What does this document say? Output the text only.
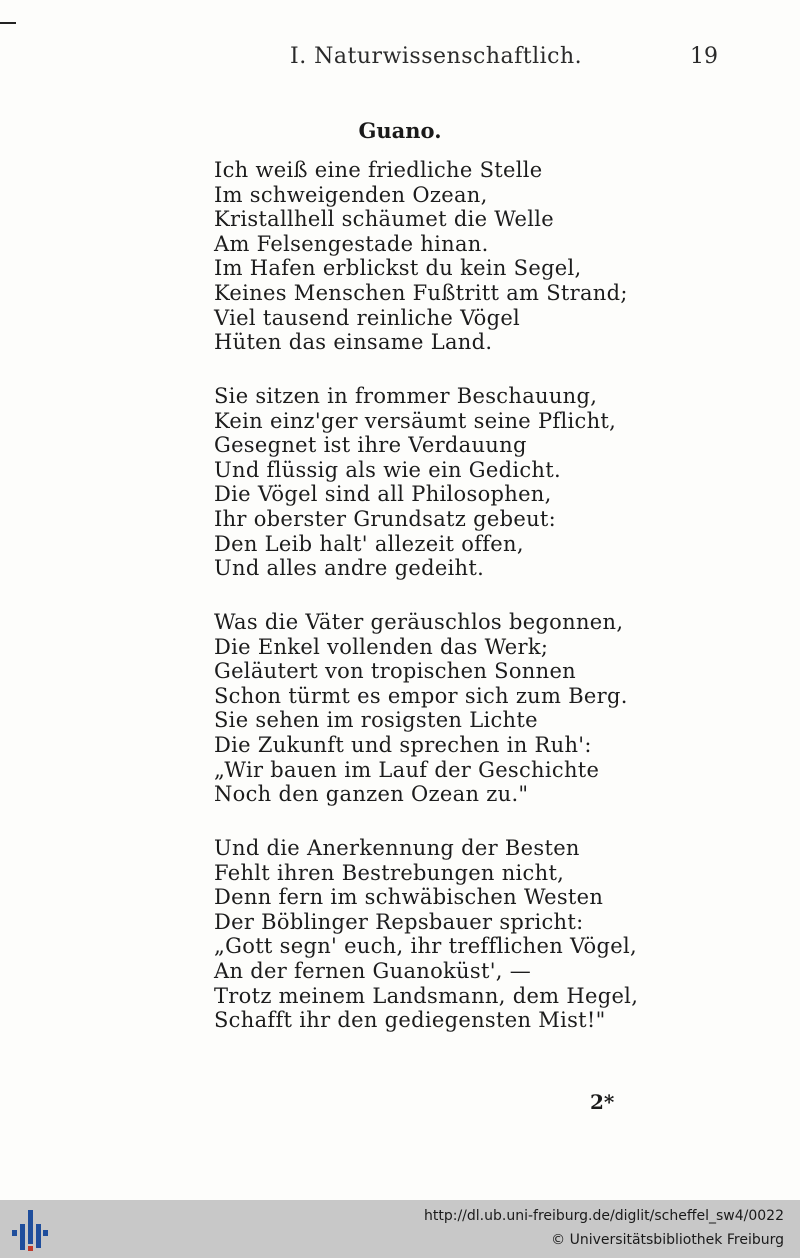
I. Naturwissenschaftlich.	19
Guano.
Ich weiß eine friedliche Stelle
Im schweigenden Ozean,
Kristallhell schäumet die Welle
Am Felsengestade hinan.
Im Hafen erblickst du kein Segel,
Keines Menschen Fußtritt am Strand;
Viel tausend reinliche Vögel
Hüten das einsame Land.
Sie sitzen in frommer Beschauung,
Kein einz'ger versäumt seine Pflicht,
Gesegnet ist ihre Verdauung
Und flüssig als wie ein Gedicht.
Die Vögel sind all Philosophen,
Ihr oberster Grundsatz gebeut:
Den Leib halt' allezeit offen,
Und alles andre gedeiht.
Was die Väter geräuschlos begonnen,
Die Enkel vollenden das Werk;
Geläutert von tropischen Sonnen
Schon türmt es empor sich zum Berg.
Sie sehen im rosigsten Lichte
Die Zukunft und sprechen in Ruh':
„Wir bauen im Lauf der Geschichte
Noch den ganzen Ozean zu."
Und die Anerkennung der Besten
Fehlt ihren Bestrebungen nicht,
Denn fern im schwäbischen Westen
Der Böblinger Repsbauer spricht:
„Gott segn' euch, ihr trefflichen Vögel,
An der fernen Guanoküst', —
Trotz meinem Landsmann, dem Hegel,
Schafft ihr den gediegensten Mist!"
2*
http://dl.ub.uni-freiburg.de/diglit/scheffel_sw4/0022
© Universitätsbibliothek Freiburg
